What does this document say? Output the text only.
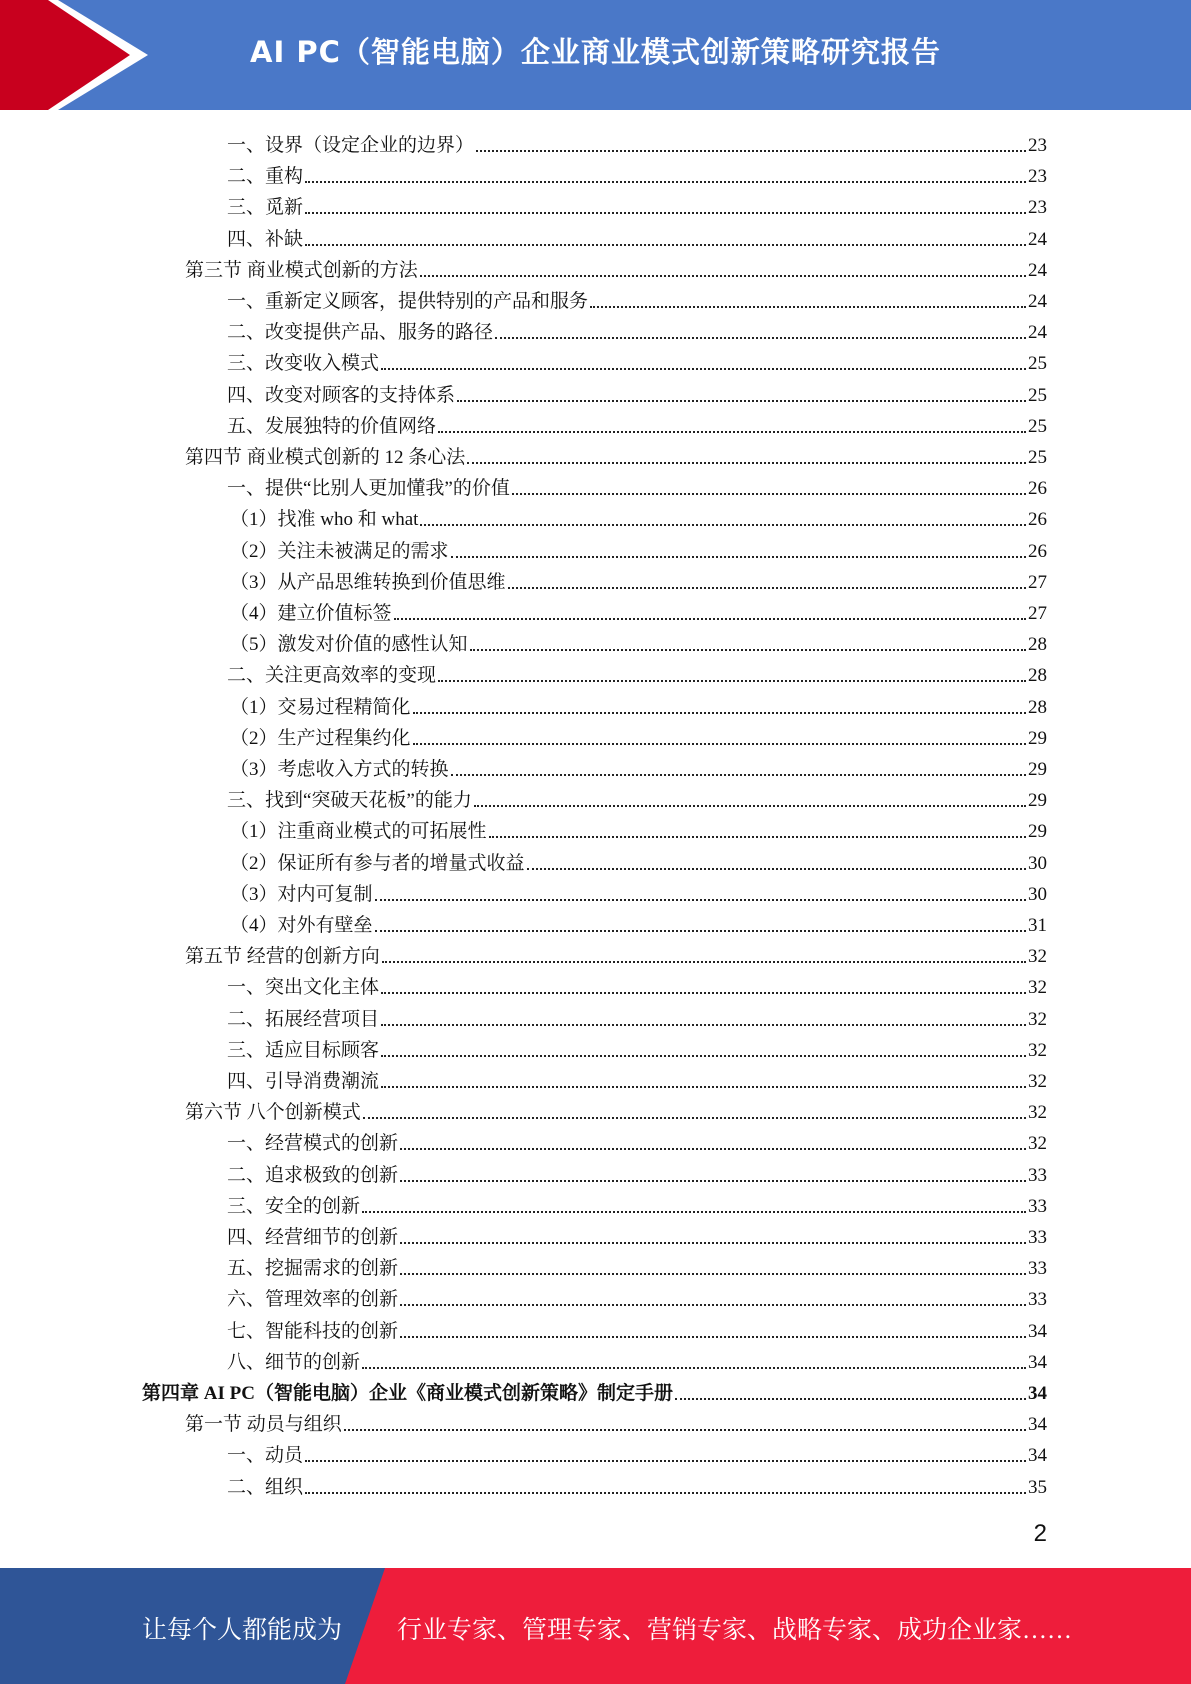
AI PC（智能电脑）企业商业模式创新策略研究报告
一、设界（设定企业的边界）	23
二、重构	23
三、觅新	23
四、补缺	24
第三节 商业模式创新的方法	24
一、重新定义顾客，提供特别的产品和服务	24
二、改变提供产品、服务的路径	24
三、改变收入模式	25
四、改变对顾客的支持体系	25
五、发展独特的价值网络	25
第四节 商业模式创新的 12 条心法	25
一、提供“比别人更加懂我”的价值	26
（1）找准 who 和 what	26
（2）关注未被满足的需求	26
（3）从产品思维转换到价值思维	27
（4）建立价值标签	27
（5）激发对价值的感性认知	28
二、关注更高效率的变现	28
（1）交易过程精简化	28
（2）生产过程集约化	29
（3）考虑收入方式的转换	29
三、找到“突破天花板”的能力	29
（1）注重商业模式的可拓展性	29
（2）保证所有参与者的增量式收益	30
（3）对内可复制	30
（4）对外有壁垒	31
第五节 经营的创新方向	32
一、突出文化主体	32
二、拓展经营项目	32
三、适应目标顾客	32
四、引导消费潮流	32
第六节 八个创新模式	32
一、经营模式的创新	32
二、追求极致的创新	33
三、安全的创新	33
四、经营细节的创新	33
五、挖掘需求的创新	33
六、管理效率的创新	33
七、智能科技的创新	34
八、细节的创新	34
第四章 AI PC（智能电脑）企业《商业模式创新策略》制定手册	34
第一节 动员与组织	34
一、动员	34
二、组织	35
2
让每个人都能成为 行业专家、管理专家、营销专家、战略专家、成功企业家……
